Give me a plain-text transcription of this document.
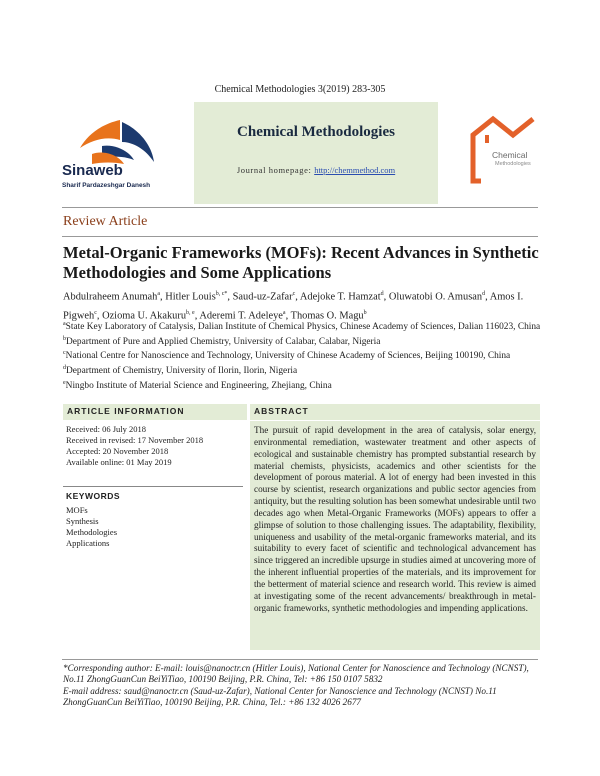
Chemical Methodologies 3(2019) 283-305
Sinaweb
Sharif Pardazeshgar Danesh
Chemical Methodologies
Journal homepage: http://chemmethod.com
Chemical
Methodologies
Review Article
Metal-Organic Frameworks (MOFs): Recent Advances in Synthetic Methodologies and Some Applications
Abdulraheem Anumah$^a$, Hitler Louis$^{b, c*}$, Saud-uz-Zafar$^c$, Adejoke T. Hamzat$^d$, Oluwatobi O. Amusan$^d$, Amos I. Pigweh$^c$, Ozioma U. Akakuru$^{b, e}$, Aderemi T. Adeleye$^a$, Thomas O. Magu$^b$
$^a$State Key Laboratory of Catalysis, Dalian Institute of Chemical Physics, Chinese Academy of Sciences, Dalian 116023, China
$^b$Department of Pure and Applied Chemistry, University of Calabar, Calabar, Nigeria
$^c$National Centre for Nanoscience and Technology, University of Chinese Academy of Sciences, Beijing 100190, China
$^d$Department of Chemistry, University of Ilorin, Ilorin, Nigeria
$^e$Ningbo Institute of Material Science and Engineering, Zhejiang, China
ARTICLE INFORMATION	ABSTRACT
Received: 06 July 2018
Received in revised: 17 November 2018
Accepted: 20 November 2018
Available online: 01 May 2019
KEYWORDS
MOFs
Synthesis
Methodologies
Applications
The pursuit of rapid development in the area of catalysis, solar energy, environmental remediation, wastewater treatment and other aspects of ecological and sustainable chemistry has prompted substantial research by material chemists, physicists, academics and other scientists for the development of porous material. A lot of energy had been invested in this course by scientist, research organizations and public sector agencies from antiquity, but the resulting solution has been somewhat undesirable until two decades ago when Metal-Organic Frameworks (MOFs) appears to offer a glimpse of solution to those challenging issues. The adaptability, flexibility, uniqueness and usability of the metal-organic frameworks material, and its suitability to every facet of scientific and technological advancement has since triggered an incredible upsurge in studies aimed at uncovering more of the inherent influential properties of the materials, and its improvement for the betterment of material science and research world. This review is aimed at investigating some of the recent advancements/ breakthrough in metal-organic frameworks, synthetic methodologies and impending applications.
*Corresponding author: E-mail: louis@nanoctr.cn (Hitler Louis), National Center for Nanoscience and Technology (NCNST), No.11 ZhongGuanCun BeiYiTiao, 100190 Beijing, P.R. China, Tel: +86 150 0107 5832
E-mail address: saud@nanoctr.cn (Saud-uz-Zafar), National Center for Nanoscience and Technology (NCNST) No.11 ZhongGuanCun BeiYiTiao, 100190 Beijing, P.R. China, Tel.: +86 132 4026 2677
